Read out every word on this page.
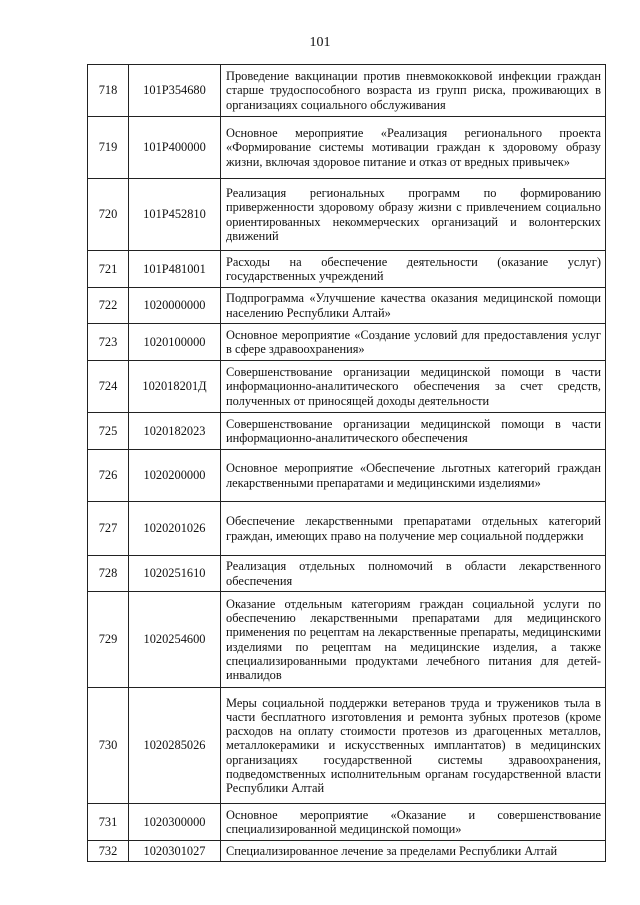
101
718	101P354680	Проведение вакцинации против пневмококковой инфекции граждан старше трудоспособного возраста из групп риска, проживающих в организациях социального обслуживания
719	101P400000	Основное мероприятие «Реализация регионального проекта «Формирование системы мотивации граждан к здоровому образу жизни, включая здоровое питание и отказ от вредных привычек»
720	101P452810	Реализация региональных программ по формированию приверженности здоровому образу жизни с привлечением социально ориентированных некоммерческих организаций и волонтерских движений
721	101P481001	Расходы на обеспечение деятельности (оказание услуг) государственных учреждений
722	1020000000	Подпрограмма «Улучшение качества оказания медицинской помощи населению Республики Алтай»
723	1020100000	Основное мероприятие «Создание условий для предоставления услуг в сфере здравоохранения»
724	102018201Д	Совершенствование организации медицинской помощи в части информационно-аналитического обеспечения за счет средств, полученных от приносящей доходы деятельности
725	1020182023	Совершенствование организации медицинской помощи в части информационно-аналитического обеспечения
726	1020200000	Основное мероприятие «Обеспечение льготных категорий граждан лекарственными препаратами и медицинскими изделиями»
727	1020201026	Обеспечение лекарственными препаратами отдельных категорий граждан, имеющих право на получение мер социальной поддержки
728	1020251610	Реализация отдельных полномочий в области лекарственного обеспечения
729	1020254600	Оказание отдельным категориям граждан социальной услуги по обеспечению лекарственными препаратами для медицинского применения по рецептам на лекарственные препараты, медицинскими изделиями по рецептам на медицинские изделия, а также специализированными продуктами лечебного питания для детей-инвалидов
730	1020285026	Меры социальной поддержки ветеранов труда и тружеников тыла в части бесплатного изготовления и ремонта зубных протезов (кроме расходов на оплату стоимости протезов из драгоценных металлов, металлокерамики и искусственных имплантатов) в медицинских организациях государственной системы здравоохранения, подведомственных исполнительным органам государственной власти Республики Алтай
731	1020300000	Основное мероприятие «Оказание и совершенствование специализированной медицинской помощи»
732	1020301027	Специализированное лечение за пределами Республики Алтай
